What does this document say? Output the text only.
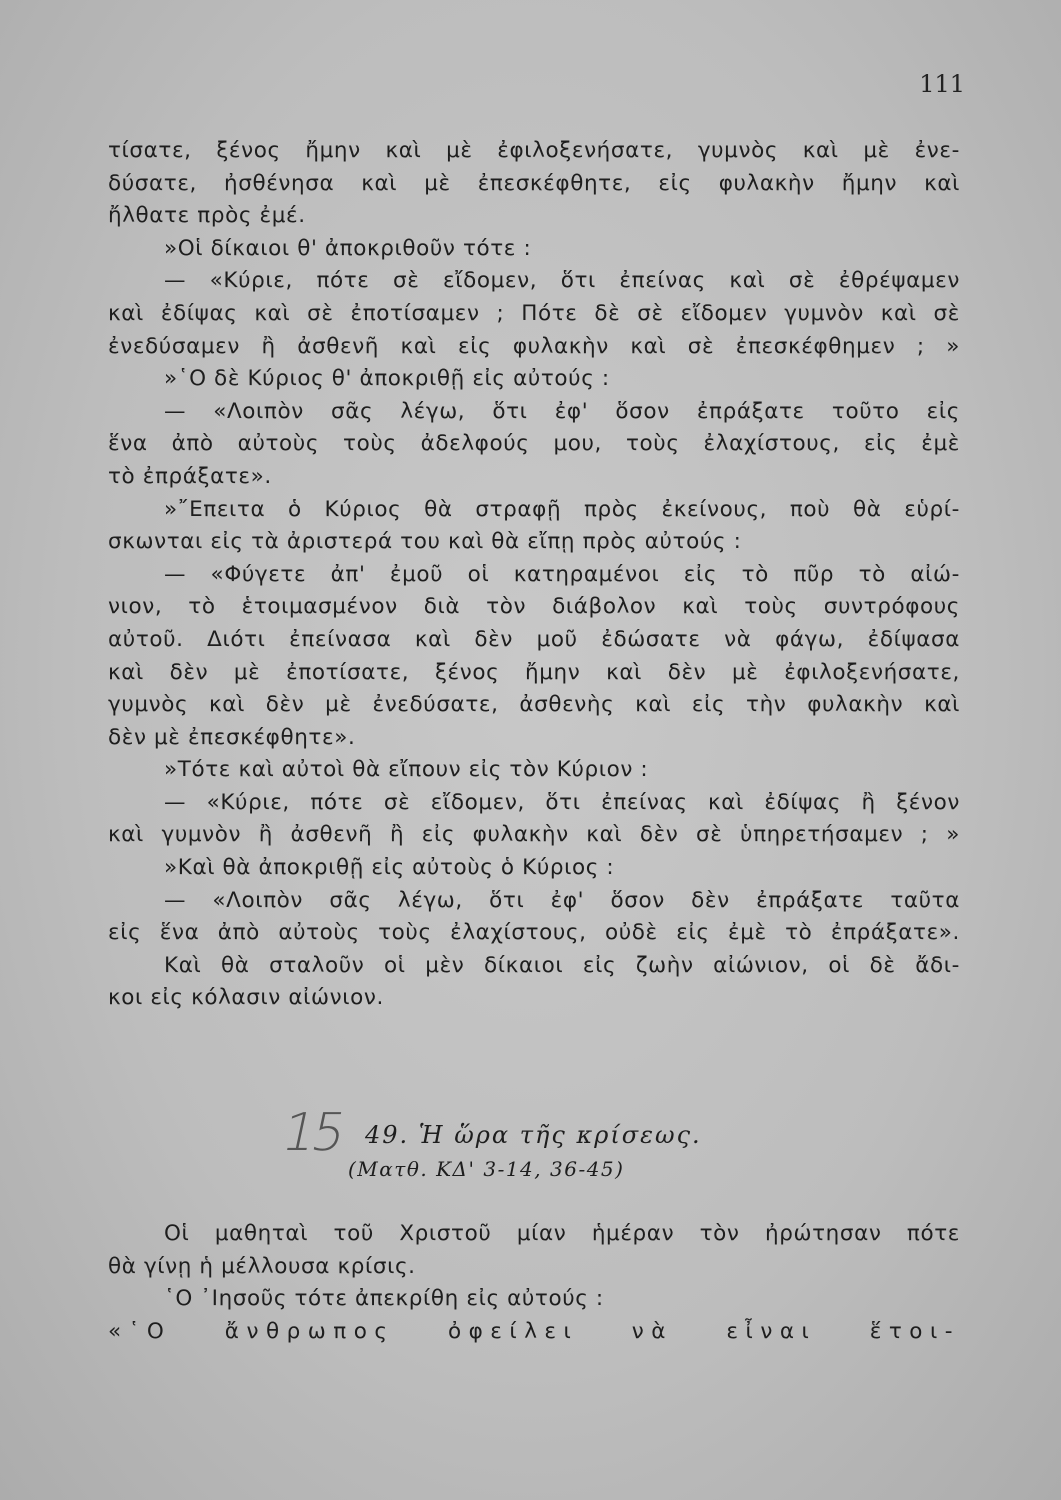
111
τίσατε, ξένος ἤμην καὶ μὲ ἐφιλοξενήσατε, γυμνὸς καὶ μὲ ἐνε-
δύσατε, ἠσθένησα καὶ μὲ ἐπεσκέφθητε, εἰς φυλακὴν ἤμην καὶ
ἤλθατε πρὸς ἐμέ.
»Οἱ δίκαιοι θ' ἀποκριθοῦν τότε :
— «Κύριε, πότε σὲ εἴδομεν, ὅτι ἐπείνας καὶ σὲ ἐθρέψαμεν
καὶ ἐδίψας καὶ σὲ ἐποτίσαμεν ; Πότε δὲ σὲ εἴδομεν γυμνὸν καὶ σὲ
ἐνεδύσαμεν ἢ ἀσθενῆ καὶ εἰς φυλακὴν καὶ σὲ ἐπεσκέφθημεν ; »
»῾Ο δὲ Κύριος θ' ἀποκριθῇ εἰς αὐτούς :
— «Λοιπὸν σᾶς λέγω, ὅτι ἐφ' ὅσον ἐπράξατε τοῦτο εἰς
ἕνα ἀπὸ αὐτοὺς τοὺς ἀδελφούς μου, τοὺς ἐλαχίστους, εἰς ἐμὲ
τὸ ἐπράξατε».
»῎Επειτα ὁ Κύριος θὰ στραφῇ πρὸς ἐκείνους, ποὺ θὰ εὑρί-
σκωνται εἰς τὰ ἀριστερά του καὶ θὰ εἴπῃ πρὸς αὐτούς :
— «Φύγετε ἀπ' ἐμοῦ οἱ κατηραμένοι εἰς τὸ πῦρ τὸ αἰώ-
νιον, τὸ ἑτοιμασμένον διὰ τὸν διάβολον καὶ τοὺς συντρόφους
αὐτοῦ. Διότι ἐπείνασα καὶ δὲν μοῦ ἐδώσατε νὰ φάγω, ἐδίψασα
καὶ δὲν μὲ ἐποτίσατε, ξένος ἤμην καὶ δὲν μὲ ἐφιλοξενήσατε,
γυμνὸς καὶ δὲν μὲ ἐνεδύσατε, ἀσθενὴς καὶ εἰς τὴν φυλακὴν καὶ
δὲν μὲ ἐπεσκέφθητε».
»Τότε καὶ αὐτοὶ θὰ εἴπουν εἰς τὸν Κύριον :
— «Κύριε, πότε σὲ εἴδομεν, ὅτι ἐπείνας καὶ ἐδίψας ἢ ξένον
καὶ γυμνὸν ἢ ἀσθενῆ ἢ εἰς φυλακὴν καὶ δὲν σὲ ὑπηρετήσαμεν ; »
»Καὶ θὰ ἀποκριθῇ εἰς αὐτοὺς ὁ Κύριος :
— «Λοιπὸν σᾶς λέγω, ὅτι ἐφ' ὅσον δὲν ἐπράξατε ταῦτα
εἰς ἕνα ἀπὸ αὐτοὺς τοὺς ἐλαχίστους, οὐδὲ εἰς ἐμὲ τὸ ἐπράξατε».
Καὶ θὰ σταλοῦν οἱ μὲν δίκαιοι εἰς ζωὴν αἰώνιον, οἱ δὲ ἄδι-
κοι εἰς κόλασιν αἰώνιον.
15 49. Ἡ ὥρα τῆς κρίσεως.
(Ματθ. ΚΔ' 3-14, 36-45)
Οἱ μαθηταὶ τοῦ Χριστοῦ μίαν ἡμέραν τὸν ἠρώτησαν πότε
θὰ γίνῃ ἡ μέλλουσα κρίσις.
῾Ο ᾿Ιησοῦς τότε ἀπεκρίθη εἰς αὐτούς :
«῾Ο ἄνθρωπος ὀφείλει νὰ εἶναι ἕτοι-
